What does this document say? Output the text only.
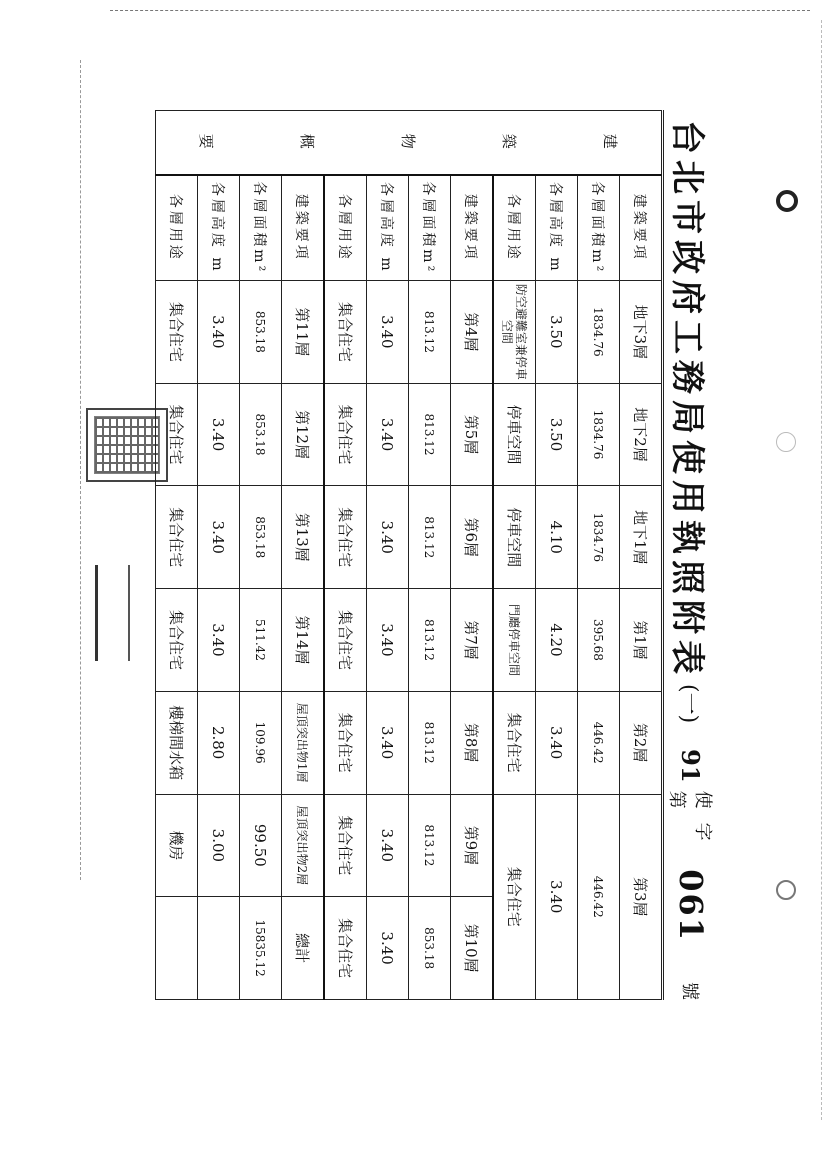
台北市政府工務局使用執照附表
(一)
91
使字第
061
號
建
築
物
概
要	建築要項	地下3層	地下2層	地下1層	第1層	第2層	第3層	
	各層面積m²	1834.76	1834.76	1834.76	395.68	446.42	446.42	
	各層高度 m	3.50	3.50	4.10	4.20	3.40	3.40	
	各層用途	防空避難室兼停車空間	停車空間	停車空間	門廳停車空間	集合住宅	集合住宅	
	建築要項	第4層	第5層	第6層	第7層	第8層	第9層	第10層
	各層面積m²	813.12	813.12	813.12	813.12	813.12	813.12	853.18
	各層高度 m	3.40	3.40	3.40	3.40	3.40	3.40	3.40
	各層用途	集合住宅	集合住宅	集合住宅	集合住宅	集合住宅	集合住宅	集合住宅
	建築要項	第11層	第12層	第13層	第14層	屋頂突出物1層	屋頂突出物2層	總計
	各層面積m²	853.18	853.18	853.18	511.42	109.96	99.50	15835.12
	各層高度 m	3.40	3.40	3.40	3.40	2.80	3.00	
	各層用途	集合住宅	集合住宅	集合住宅	集合住宅	樓梯間水箱	機房	
